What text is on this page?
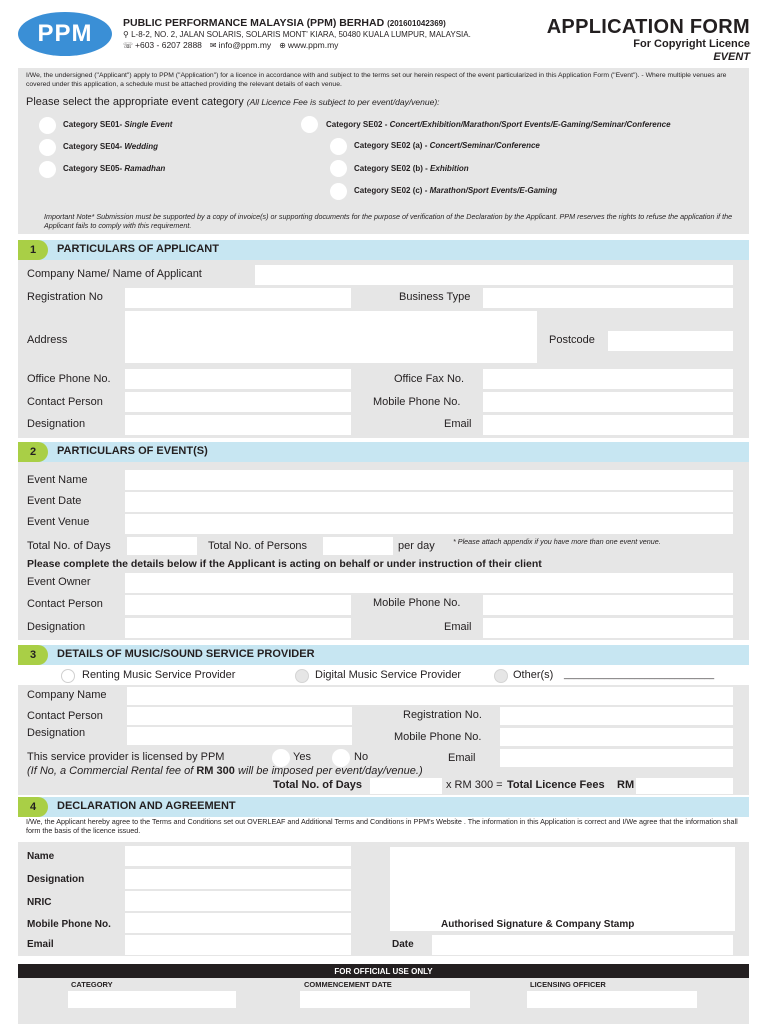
PPM	PUBLIC PERFORMANCE MALAYSIA (PPM) BERHAD (201601042369)
⚲ L-8-2, NO. 2, JALAN SOLARIS, SOLARIS MONT' KIARA, 50480 KUALA LUMPUR, MALAYSIA.
☏ +603 - 6207 2888 ✉ info@ppm.my ⊕ www.ppm.my
APPLICATION FORM
For Copyright Licence
EVENT
I/We, the undersigned ("Applicant") apply to PPM ("Application") for a licence in accordance with and subject to the terms set our herein respect of the event particularized in this Application Form ("Event"). - Where multiple venues are covered under this application, a schedule must be attached providing the relevant details of each venue.
Please select the appropriate event category (All Licence Fee is subject to per event/day/venue):
Category SE01- Single Event
Category SE04- Wedding
Category SE05- Ramadhan
Category SE02 - Concert/Exhibition/Marathon/Sport Events/E-Gaming/Seminar/Conference
Category SE02 (a) - Concert/Seminar/Conference
Category SE02 (b) - Exhibition
Category SE02 (c) - Marathon/Sport Events/E-Gaming
Important Note* Submission must be supported by a copy of invoice(s) or supporting documents for the purpose of verification of the Declaration by the Applicant. PPM reserves the rights to refuse the application if the Applicant fails to comply with this requirement.
1	PARTICULARS OF APPLICANT
Company Name/ Name of Applicant
Registration No	Business Type
Address	Postcode
Office Phone No.	Office Fax No.
Contact Person	Mobile Phone No.
Designation	Email
2	PARTICULARS OF EVENT(S)
Event Name
Event Date
Event Venue
Total No. of Days	Total No. of Persons	per day	* Please attach appendix if you have more than one event venue.
Please complete the details below if the Applicant is acting on behalf or under instruction of their client
Event Owner
Contact Person	Mobile Phone No.
Designation	Email
3	DETAILS OF MUSIC/SOUND SERVICE PROVIDER
Renting Music Service Provider	Digital Music Service Provider	Other(s) ______________________________
Company Name
Contact Person	Registration No.
Designation	Mobile Phone No.
This service provider is licensed by PPM	Yes	No	Email
(If No, a Commercial Rental fee of RM 300 will be imposed per event/day/venue.)
Total No. of Days	x RM 300 = Total Licence Fees RM
4	DECLARATION AND AGREEMENT
I/We, the Applicant hereby agree to the Terms and Conditions set out OVERLEAF and Additional Terms and Conditions in PPM's Website . The information in this Application is correct and I/We agree that the information shall form the basis of the licence issued.
Name
Designation
NRIC
Mobile Phone No.
Email
Authorised Signature & Company Stamp
Date
FOR OFFICIAL USE ONLY
CATEGORY	COMMENCEMENT DATE	LICENSING OFFICER
